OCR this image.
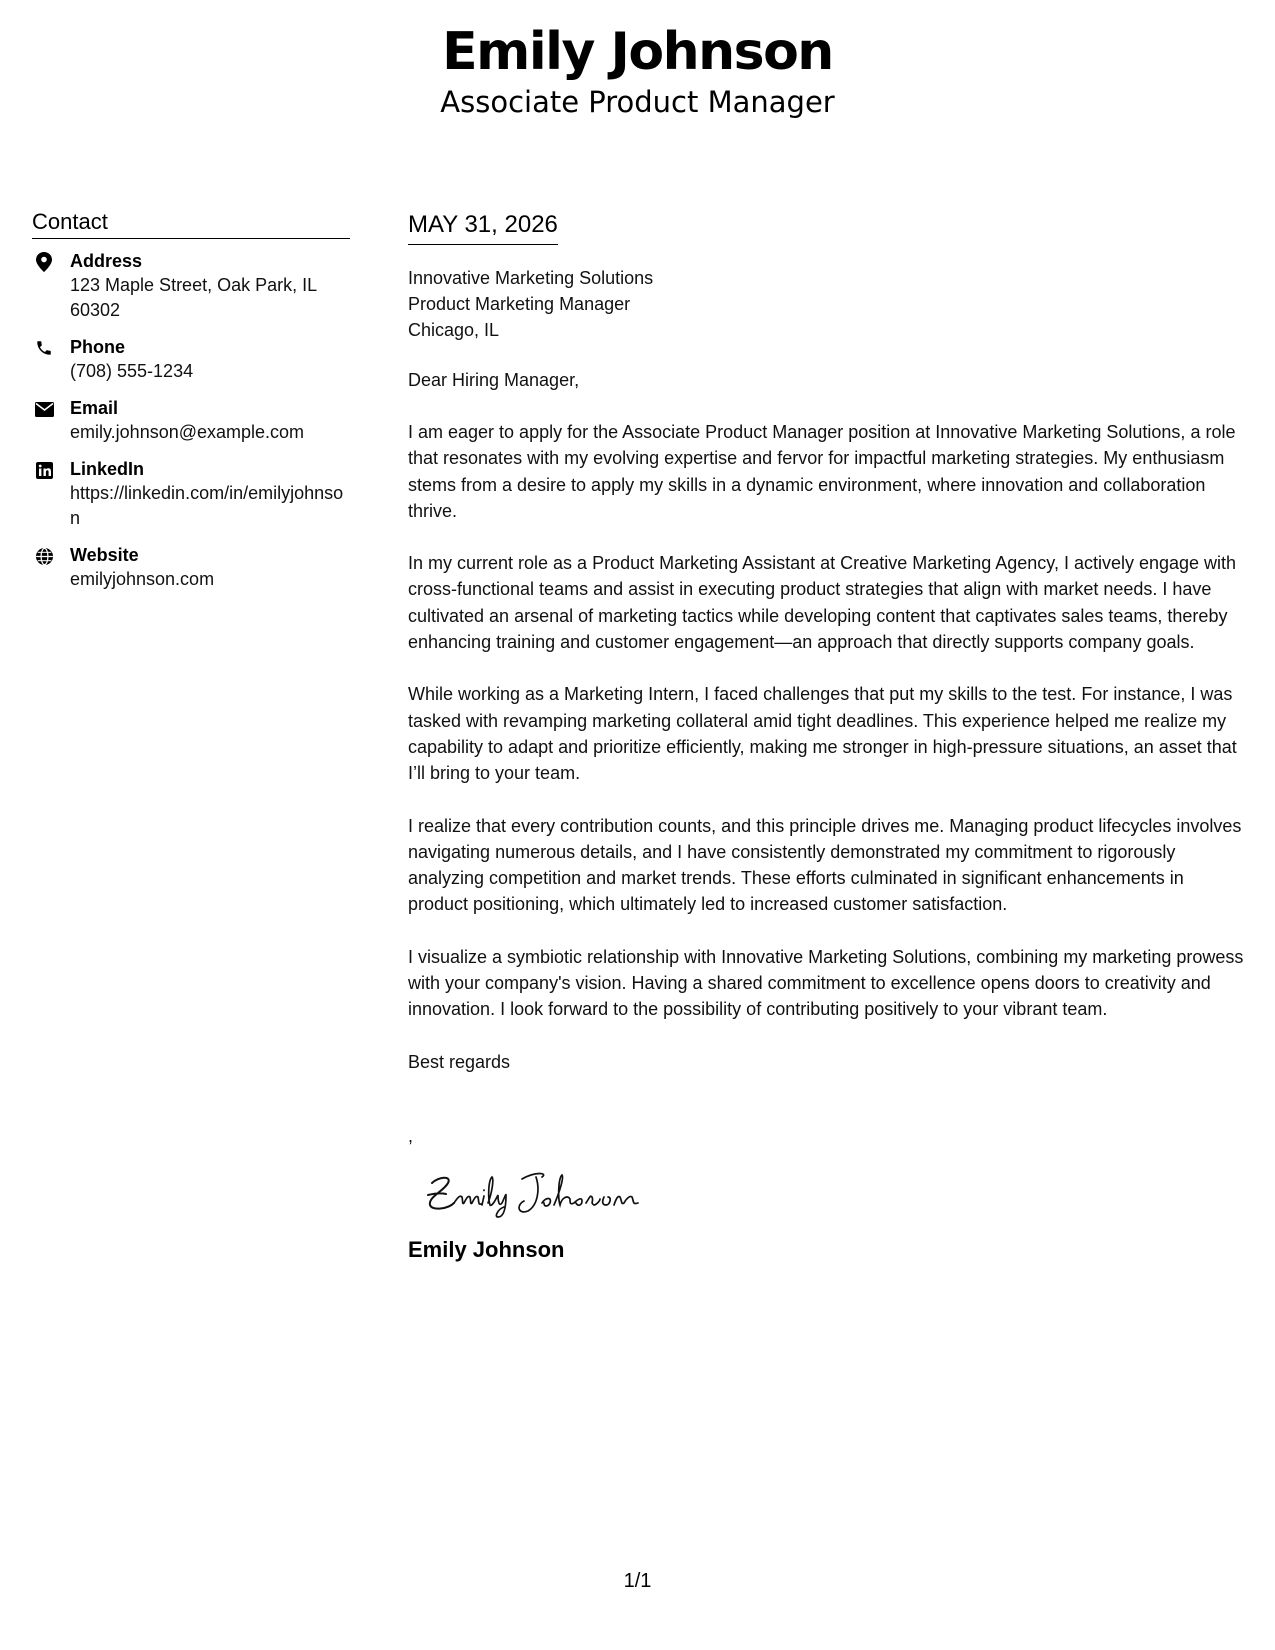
Emily Johnson
Associate Product Manager
Contact
Address
123 Maple Street, Oak Park, IL 60302
Phone
(708) 555-1234
Email
emily.johnson@example.com
LinkedIn
https://linkedin.com/in/emilyjohnson
Website
emilyjohnson.com
MAY 31, 2026
Innovative Marketing Solutions
Product Marketing Manager
Chicago, IL
Dear Hiring Manager,
I am eager to apply for the Associate Product Manager position at Innovative Marketing Solutions, a role that resonates with my evolving expertise and fervor for impactful marketing strategies. My enthusiasm stems from a desire to apply my skills in a dynamic environment, where innovation and collaboration thrive.
In my current role as a Product Marketing Assistant at Creative Marketing Agency, I actively engage with cross-functional teams and assist in executing product strategies that align with market needs. I have cultivated an arsenal of marketing tactics while developing content that captivates sales teams, thereby enhancing training and customer engagement—an approach that directly supports company goals.
While working as a Marketing Intern, I faced challenges that put my skills to the test. For instance, I was tasked with revamping marketing collateral amid tight deadlines. This experience helped me realize my capability to adapt and prioritize efficiently, making me stronger in high-pressure situations, an asset that I’ll bring to your team.
I realize that every contribution counts, and this principle drives me. Managing product lifecycles involves navigating numerous details, and I have consistently demonstrated my commitment to rigorously analyzing competition and market trends. These efforts culminated in significant enhancements in product positioning, which ultimately led to increased customer satisfaction.
I visualize a symbiotic relationship with Innovative Marketing Solutions, combining my marketing prowess with your company's vision. Having a shared commitment to excellence opens doors to creativity and innovation. I look forward to the possibility of contributing positively to your vibrant team.
Best regards
,
Emily Johnson
1/1
